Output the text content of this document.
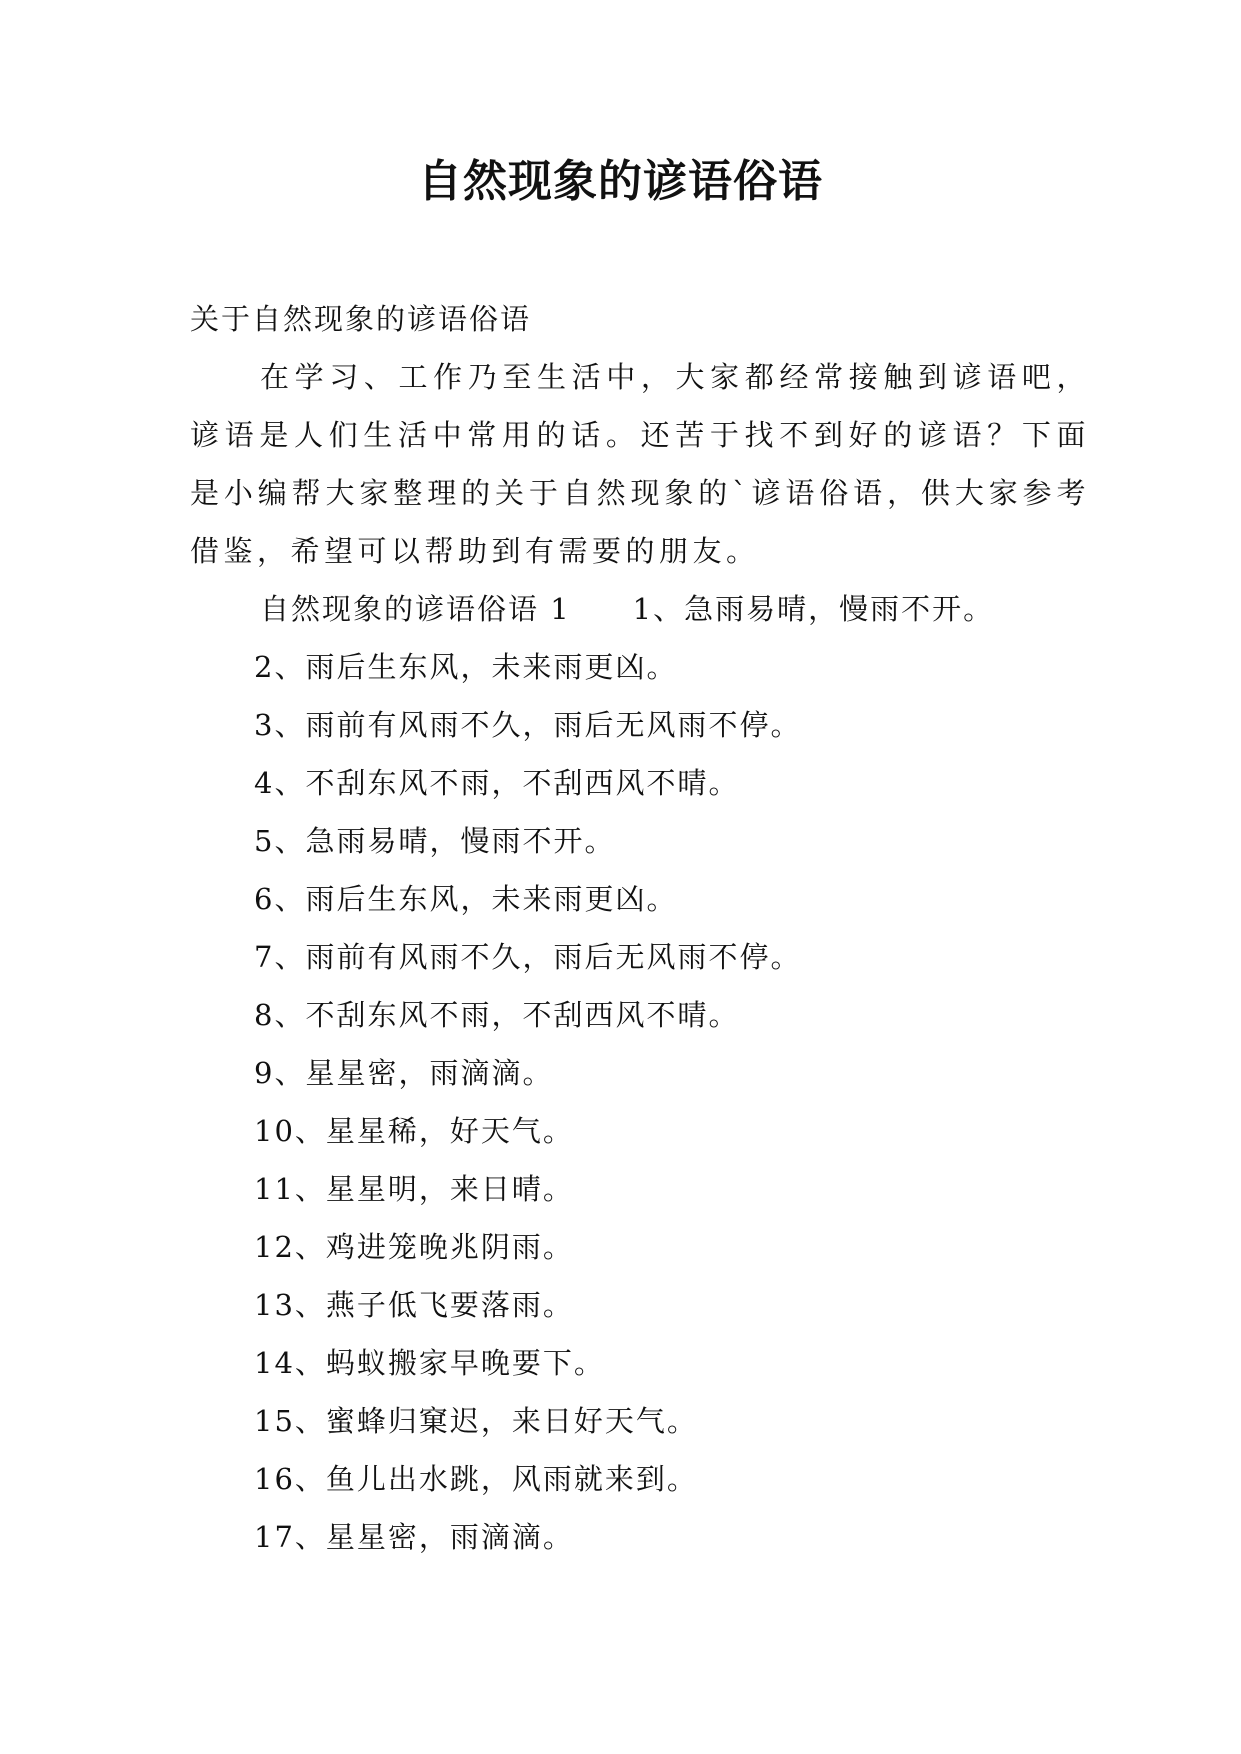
自然现象的谚语俗语

关于自然现象的谚语俗语

在学习、工作乃至生活中，大家都经常接触到谚语吧，谚语是人们生活中常用的话。还苦于找不到好的谚语？下面是小编帮大家整理的关于自然现象的`谚语俗语，供大家参考借鉴，希望可以帮助到有需要的朋友。

自然现象的谚语俗语 1 1、急雨易晴，慢雨不开。

2、雨后生东风，未来雨更凶。
3、雨前有风雨不久，雨后无风雨不停。
4、不刮东风不雨，不刮西风不晴。
5、急雨易晴，慢雨不开。
6、雨后生东风，未来雨更凶。
7、雨前有风雨不久，雨后无风雨不停。
8、不刮东风不雨，不刮西风不晴。
9、星星密，雨滴滴。
10、星星稀，好天气。
11、星星明，来日晴。
12、鸡进笼晚兆阴雨。
13、燕子低飞要落雨。
14、蚂蚁搬家早晚要下。
15、蜜蜂归窠迟，来日好天气。
16、鱼儿出水跳，风雨就来到。
17、星星密，雨滴滴。
